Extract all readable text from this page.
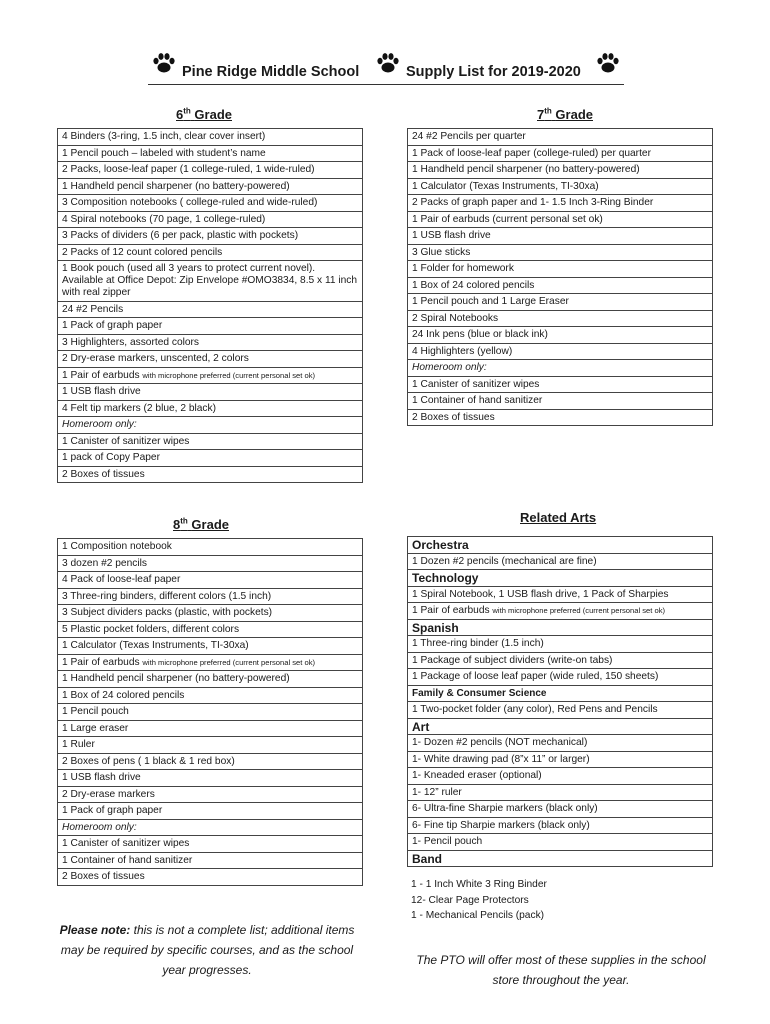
Pine Ridge Middle School	Supply List for 2019-2020
6th Grade
4 Binders (3-ring, 1.5 inch, clear cover insert)
1 Pencil pouch – labeled with student’s name
2 Packs, loose-leaf paper (1 college-ruled, 1 wide-ruled)
1 Handheld pencil sharpener (no battery-powered)
3 Composition notebooks ( college-ruled and wide-ruled)
4 Spiral notebooks (70 page, 1 college-ruled)
3 Packs of dividers (6 per pack, plastic with pockets)
2 Packs of 12 count colored pencils
1 Book pouch (used all 3 years to protect current novel). Available at Office Depot: Zip Envelope #OMO3834, 8.5 x 11 inch with real zipper
24 #2 Pencils
1 Pack of graph paper
3 Highlighters, assorted colors
2 Dry-erase markers, unscented, 2 colors
1 Pair of earbuds with microphone preferred (current personal set ok)
1 USB flash drive
4 Felt tip markers (2 blue, 2 black)
Homeroom only:
1 Canister of sanitizer wipes
1 pack of Copy Paper
2 Boxes of tissues
7th Grade
24 #2 Pencils per quarter
1 Pack of loose-leaf paper (college-ruled) per quarter
1 Handheld pencil sharpener (no battery-powered)
1 Calculator (Texas Instruments, TI-30xa)
2 Packs of graph paper and 1- 1.5 Inch 3-Ring Binder
1 Pair of earbuds (current personal set ok)
1 USB flash drive
3 Glue sticks
1 Folder for homework
1 Box of 24 colored pencils
1 Pencil pouch and 1 Large Eraser
2 Spiral Notebooks
24 Ink pens (blue or black ink)
4 Highlighters (yellow)
Homeroom only:
1 Canister of sanitizer wipes
1 Container of hand sanitizer
2 Boxes of tissues
8th Grade
1 Composition notebook
3 dozen #2 pencils
4 Pack of loose-leaf paper
3 Three-ring binders, different colors (1.5 inch)
3 Subject dividers packs (plastic, with pockets)
5 Plastic pocket folders, different colors
1 Calculator (Texas Instruments, TI-30xa)
1 Pair of earbuds with microphone preferred (current personal set ok)
1 Handheld pencil sharpener (no battery-powered)
1 Box of 24 colored pencils
1 Pencil pouch
1 Large eraser
1 Ruler
2 Boxes of pens ( 1 black & 1 red box)
1 USB flash drive
2 Dry-erase markers
1 Pack of graph paper
Homeroom only:
1 Canister of sanitizer wipes
1 Container of hand sanitizer
2 Boxes of tissues
Related Arts
Orchestra
1 Dozen #2 pencils (mechanical are fine)
Technology
1 Spiral Notebook, 1 USB flash drive, 1 Pack of Sharpies
1 Pair of earbuds with microphone preferred (current personal set ok)
Spanish
1 Three-ring binder (1.5 inch)
1 Package of subject dividers (write-on tabs)
1 Package of loose leaf paper (wide ruled, 150 sheets)
Family & Consumer Science
1 Two-pocket folder (any color), Red Pens and Pencils
Art
1- Dozen #2 pencils (NOT mechanical)
1- White drawing pad (8”x 11” or larger)
1- Kneaded eraser (optional)
1- 12” ruler
6- Ultra-fine Sharpie markers (black only)
6- Fine tip Sharpie markers (black only)
1- Pencil pouch
Band
1 - 1 Inch White 3 Ring Binder
12- Clear Page Protectors
1 - Mechanical Pencils (pack)
Please note: this is not a complete list; additional items may be required by specific courses, and as the school year progresses.
The PTO will offer most of these supplies in the school store throughout the year.
